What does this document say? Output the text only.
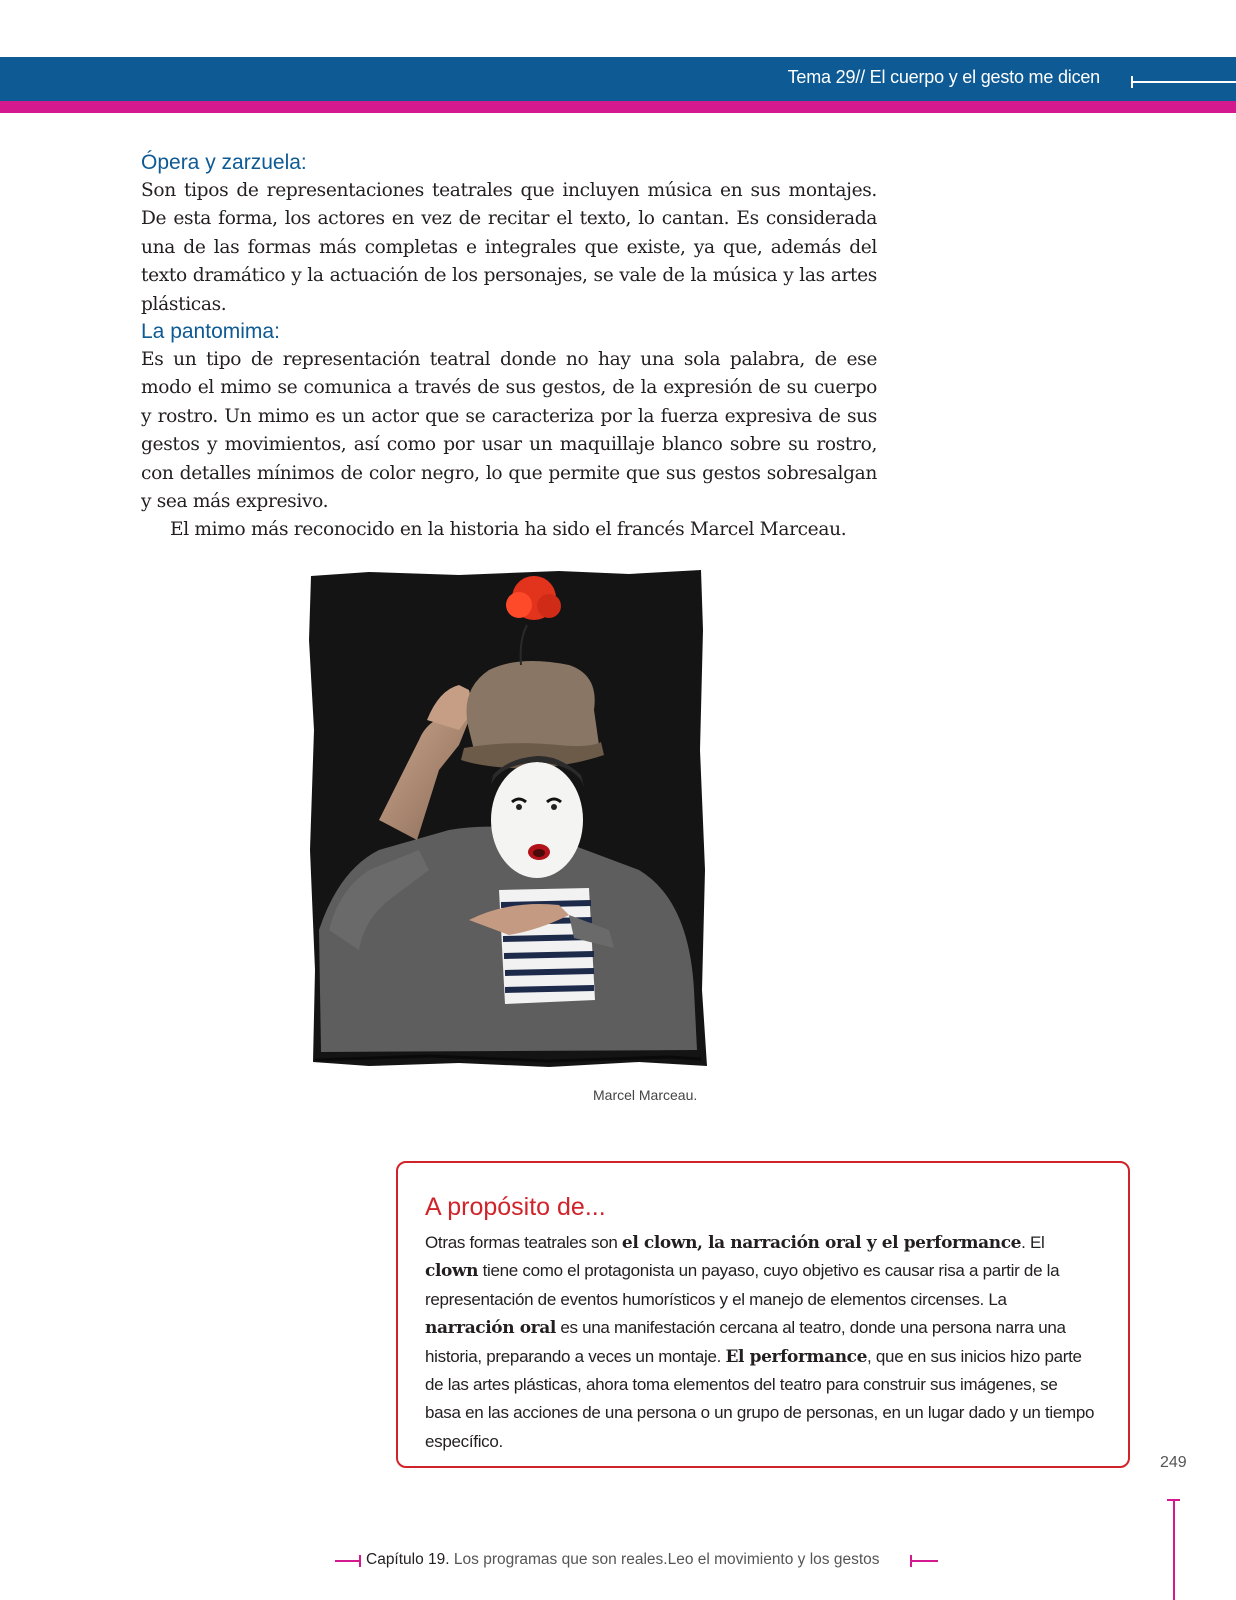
Tema 29// El cuerpo y el gesto me dicen
Ópera y zarzuela:

Son tipos de representaciones teatrales que incluyen música en sus montajes. De esta forma, los actores en vez de recitar el texto, lo cantan. Es considerada una de las formas más completas e integrales que existe, ya que, además del texto dramático y la actuación de los personajes, se vale de la música y las artes plásticas.

La pantomima:

Es un tipo de representación teatral donde no hay una sola palabra, de ese modo el mimo se comunica a través de sus gestos, de la expresión de su cuerpo y rostro. Un mimo es un actor que se caracteriza por la fuerza expresiva de sus gestos y movimientos, así como por usar un maquillaje blanco sobre su rostro, con detalles mínimos de color negro, lo que permite que sus gestos sobresalgan y sea más expresivo.

El mimo más reconocido en la historia ha sido el francés Marcel Marceau.

Marcel Marceau.
A propósito de...

Otras formas teatrales son el clown, la narración oral y el performance. El clown tiene como el protagonista un payaso, cuyo objetivo es causar risa a partir de la representación de eventos humorísticos y el manejo de elementos circenses. La narración oral es una manifestación cercana al teatro, donde una persona narra una historia, preparando a veces un montaje. El performance, que en sus inicios hizo parte de las artes plásticas, ahora toma elementos del teatro para construir sus imágenes, se basa en las acciones de una persona o un grupo de personas, en un lugar dado y un tiempo específico.

249
Capítulo 19. Los programas que son reales.Leo el movimiento y los gestos
